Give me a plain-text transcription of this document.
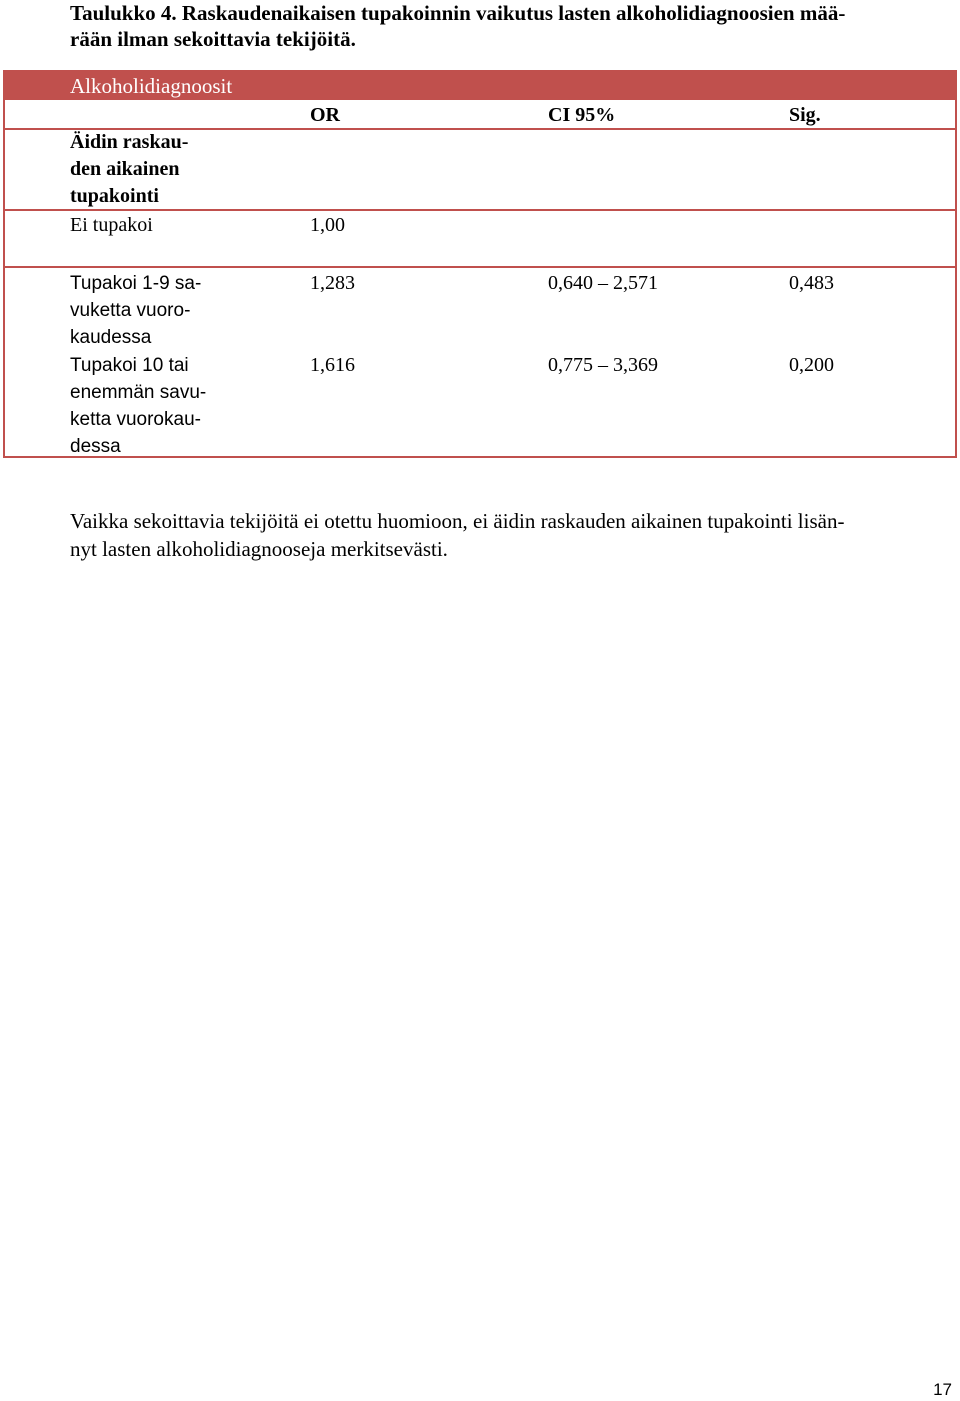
Taulukko 4. Raskaudenaikaisen tupakoinnin vaikutus lasten alkoholidiagnoosien mää-
rään ilman sekoittavia tekijöitä.
Alkoholidiagnoosit
Äidin raskau-
den aikainen
tupakointi
OR	CI 95%	Sig.
Ei tupakoi	1,00
Tupakoi 1-9 sa-
vuketta vuoro-
kaudessa
1,283	0,640 – 2,571	0,483
Tupakoi 10 tai
enemmän savu-
ketta vuorokau-
dessa
1,616	0,775 – 3,369	0,200
Vaikka sekoittavia tekijöitä ei otettu huomioon, ei äidin raskauden aikainen tupakointi lisän-
nyt lasten alkoholidiagnooseja merkitsevästi.
17
